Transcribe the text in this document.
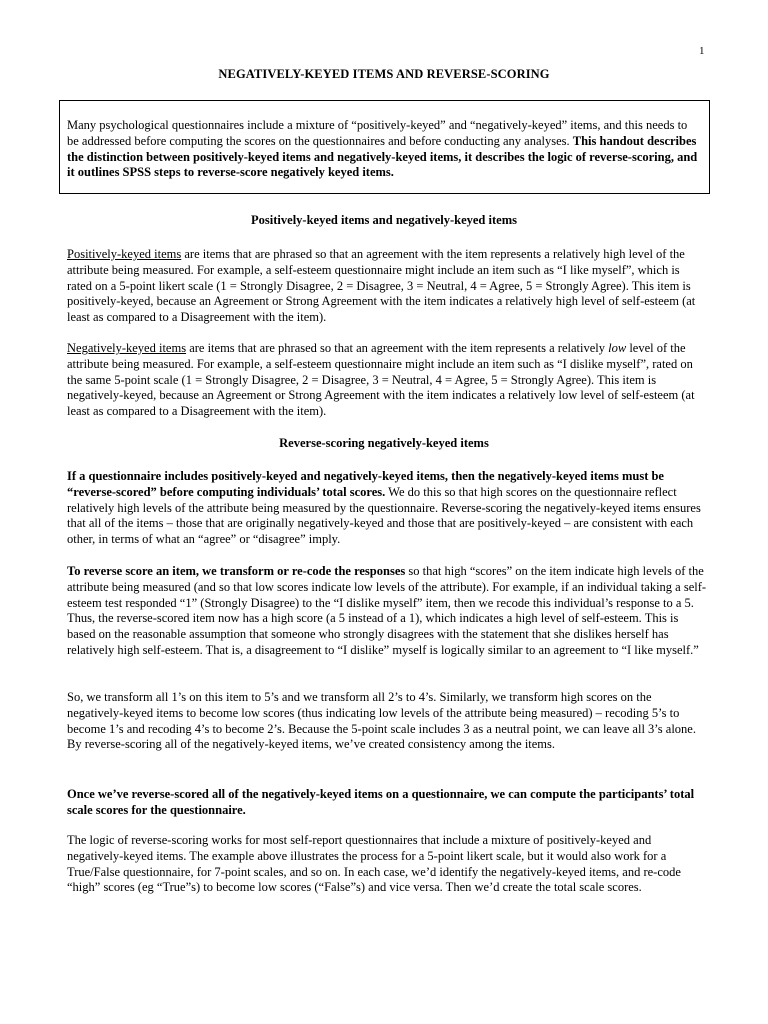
1
NEGATIVELY-KEYED ITEMS AND REVERSE-SCORING
Many psychological questionnaires include a mixture of “positively-keyed” and “negatively-keyed” items, and this needs to be addressed before computing the scores on the questionnaires and before conducting any analyses. This handout describes the distinction between positively-keyed items and negatively-keyed items, it describes the logic of reverse-scoring, and it outlines SPSS steps to reverse-score negatively keyed items.
Positively-keyed items and negatively-keyed items

Positively-keyed items are items that are phrased so that an agreement with the item represents a relatively high level of the attribute being measured. For example, a self-esteem questionnaire might include an item such as “I like myself”, which is rated on a 5-point likert scale (1 = Strongly Disagree, 2 = Disagree, 3 = Neutral, 4 = Agree, 5 = Strongly Agree). This item is positively-keyed, because an Agreement or Strong Agreement with the item indicates a relatively high level of self-esteem (at least as compared to a Disagreement with the item).

Negatively-keyed items are items that are phrased so that an agreement with the item represents a relatively low level of the attribute being measured. For example, a self-esteem questionnaire might include an item such as “I dislike myself”, rated on the same 5-point scale (1 = Strongly Disagree, 2 = Disagree, 3 = Neutral, 4 = Agree, 5 = Strongly Agree). This item is negatively-keyed, because an Agreement or Strong Agreement with the item indicates a relatively low level of self-esteem (at least as compared to a Disagreement with the item).

Reverse-scoring negatively-keyed items

If a questionnaire includes positively-keyed and negatively-keyed items, then the negatively-keyed items must be “reverse-scored” before computing individuals’ total scores. We do this so that high scores on the questionnaire reflect relatively high levels of the attribute being measured by the questionnaire. Reverse-scoring the negatively-keyed items ensures that all of the items – those that are originally negatively-keyed and those that are positively-keyed – are consistent with each other, in terms of what an “agree” or “disagree” imply.

To reverse score an item, we transform or re-code the responses so that high “scores” on the item indicate high levels of the attribute being measured (and so that low scores indicate low levels of the attribute). For example, if an individual taking a self-esteem test responded “1” (Strongly Disagree) to the “I dislike myself” item, then we recode this individual’s response to a 5. Thus, the reverse-scored item now has a high score (a 5 instead of a 1), which indicates a high level of self-esteem. This is based on the reasonable assumption that someone who strongly disagrees with the statement that she dislikes herself has relatively high self-esteem. That is, a disagreement to “I dislike” myself is logically similar to an agreement to “I like myself.”

So, we transform all 1’s on this item to 5’s and we transform all 2’s to 4’s. Similarly, we transform high scores on the negatively-keyed items to become low scores (thus indicating low levels of the attribute being measured) – recoding 5’s to become 1’s and recoding 4’s to become 2’s. Because the 5-point scale includes 3 as a neutral point, we can leave all 3’s alone. By reverse-scoring all of the negatively-keyed items, we’ve created consistency among the items.

Once we’ve reverse-scored all of the negatively-keyed items on a questionnaire, we can compute the participants’ total scale scores for the questionnaire.

The logic of reverse-scoring works for most self-report questionnaires that include a mixture of positively-keyed and negatively-keyed items. The example above illustrates the process for a 5-point likert scale, but it would also work for a True/False questionnaire, for 7-point scales, and so on. In each case, we’d identify the negatively-keyed items, and re-code “high” scores (eg “True”s) to become low scores (“False”s) and vice versa. Then we’d create the total scale scores.
